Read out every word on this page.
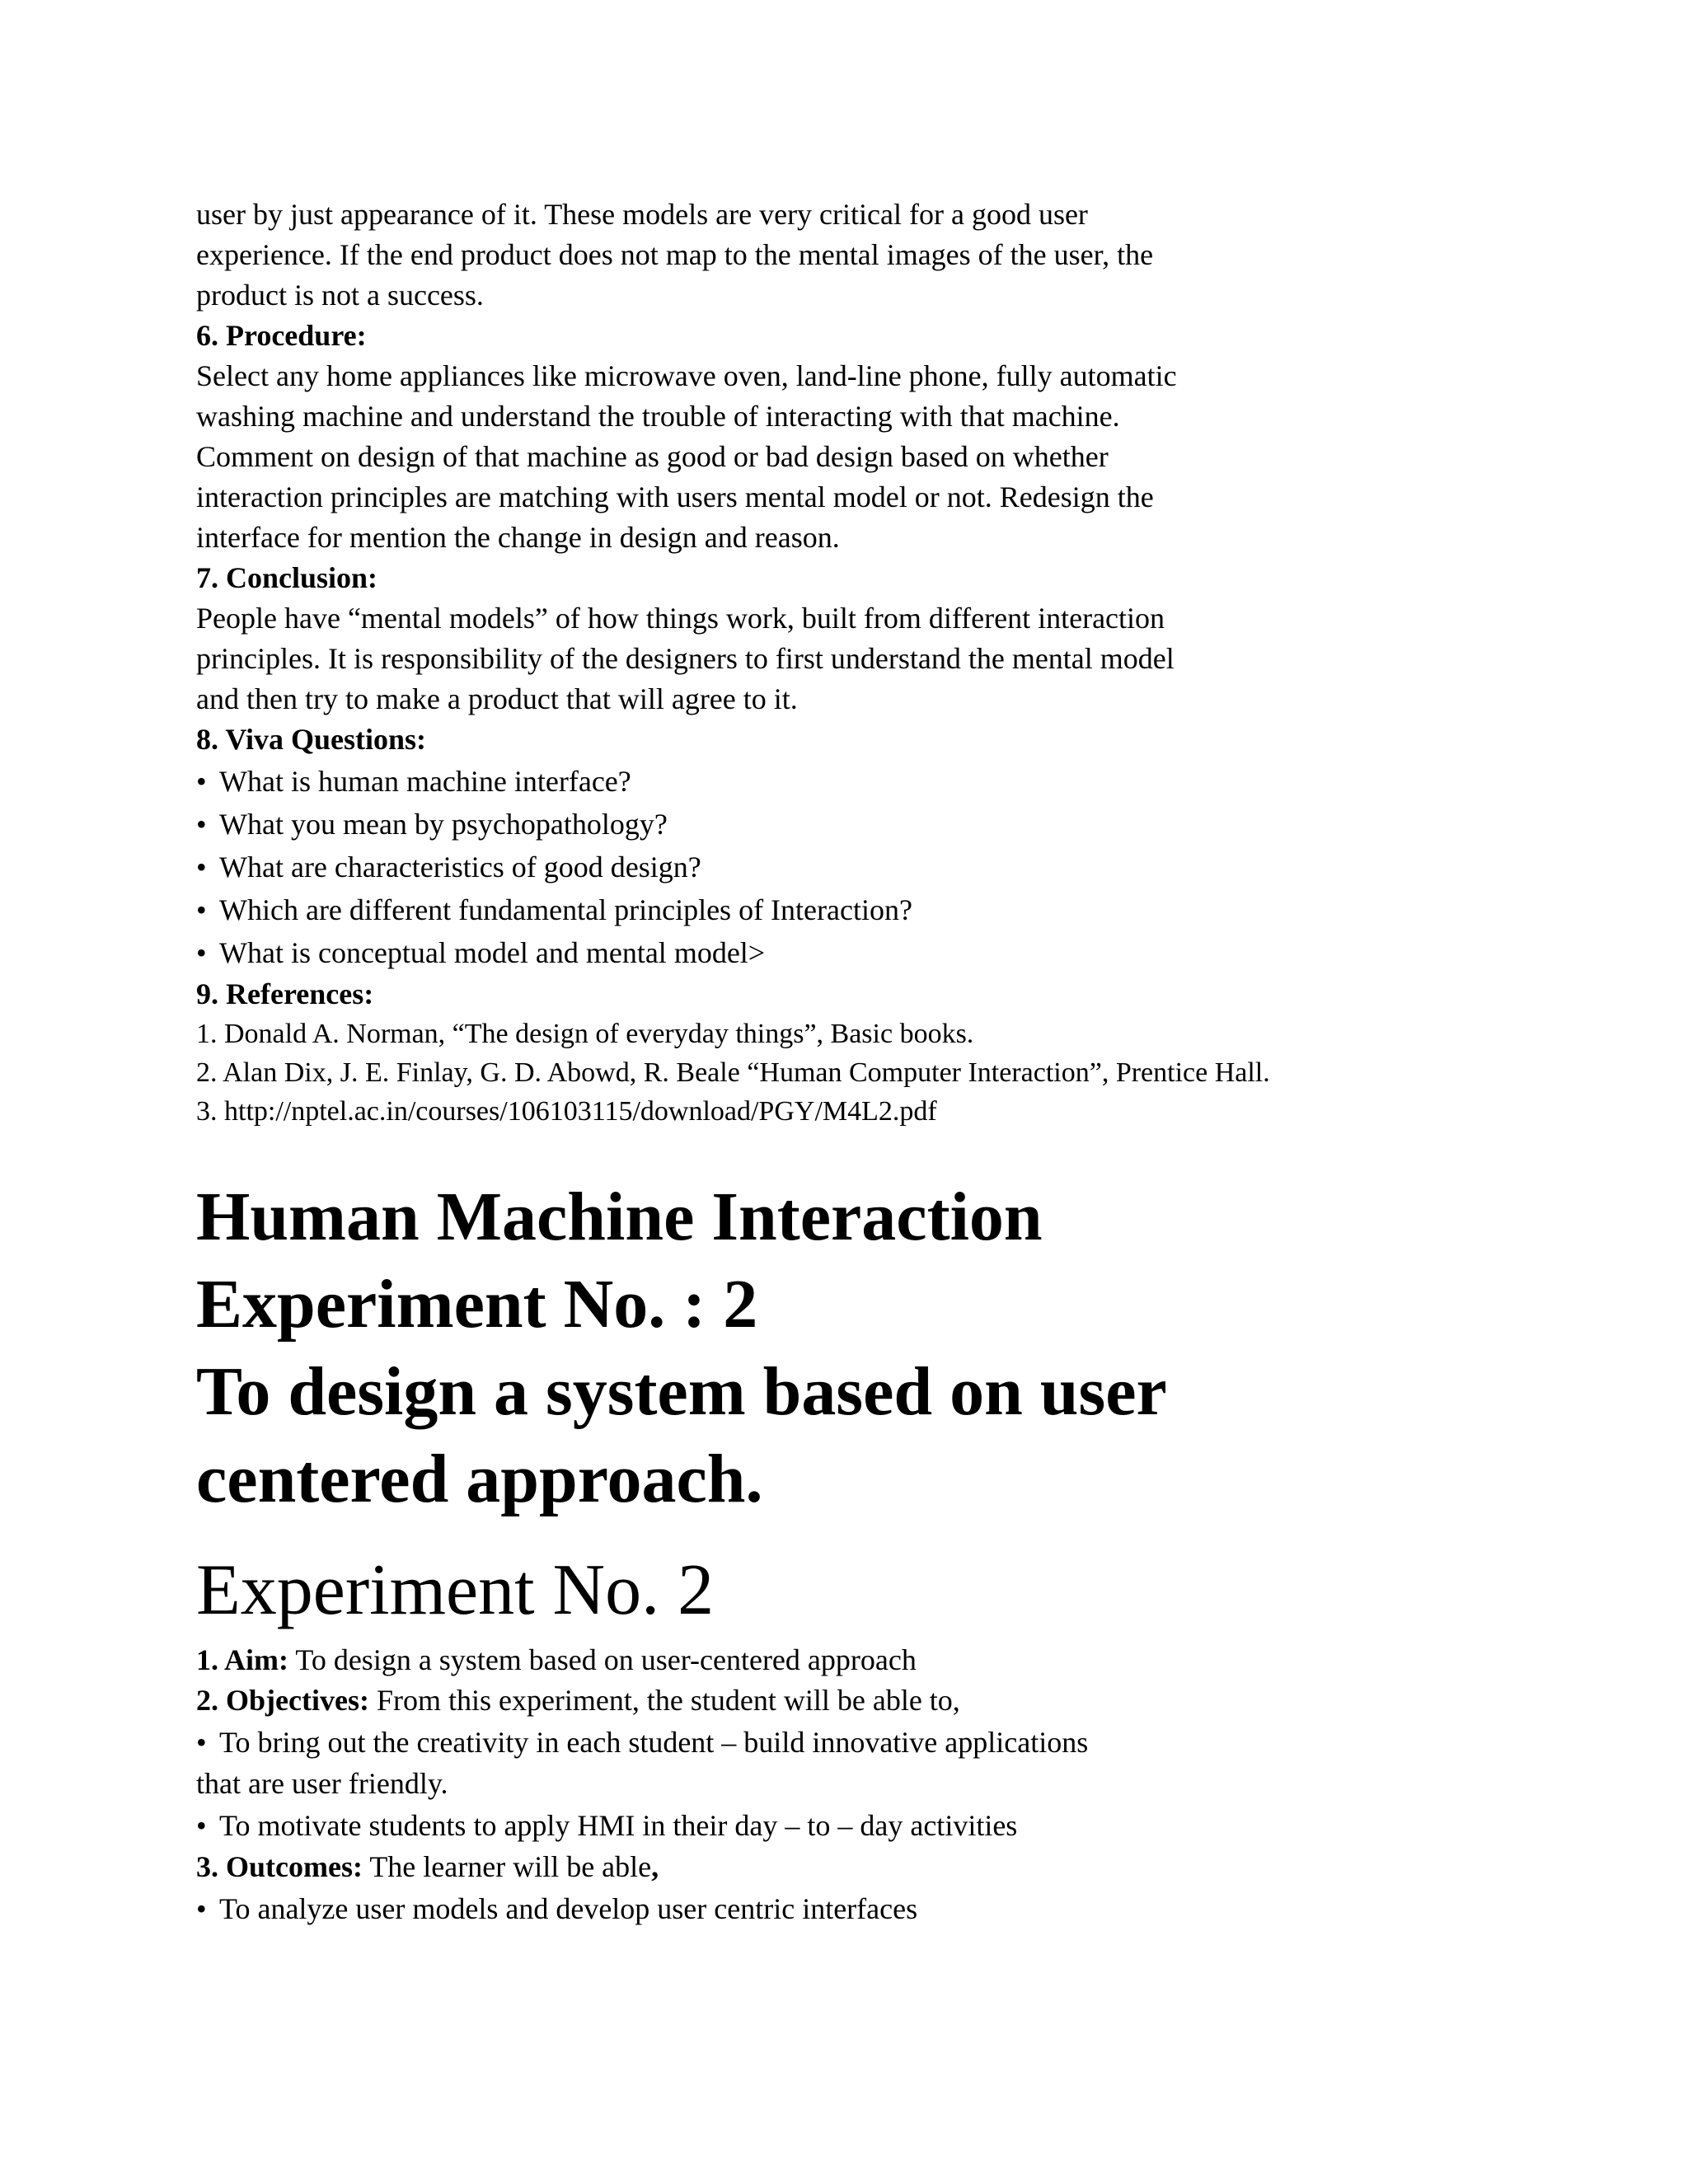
user by just appearance of it. These models are very critical for a good user
experience. If the end product does not map to the mental images of the user, the
product is not a success.
6. Procedure:
Select any home appliances like microwave oven, land-line phone, fully automatic
washing machine and understand the trouble of interacting with that machine.
Comment on design of that machine as good or bad design based on whether
interaction principles are matching with users mental model or not. Redesign the
interface for mention the change in design and reason.
7. Conclusion:
People have “mental models” of how things work, built from different interaction
principles. It is responsibility of the designers to first understand the mental model
and then try to make a product that will agree to it.
8. Viva Questions:
• What is human machine interface?
• What you mean by psychopathology?
• What are characteristics of good design?
• Which are different fundamental principles of Interaction?
• What is conceptual model and mental model>
9. References:
1. Donald A. Norman, “The design of everyday things”, Basic books.
2. Alan Dix, J. E. Finlay, G. D. Abowd, R. Beale “Human Computer Interaction”, Prentice Hall.
3. http://nptel.ac.in/courses/106103115/download/PGY/M4L2.pdf
Human Machine Interaction
Experiment No. : 2
To design a system based on user
centered approach.
Experiment No. 2
1. Aim: To design a system based on user-centered approach
2. Objectives: From this experiment, the student will be able to,
• To bring out the creativity in each student – build innovative applications
that are user friendly.
• To motivate students to apply HMI in their day – to – day activities
3. Outcomes: The learner will be able,
• To analyze user models and develop user centric interfaces
